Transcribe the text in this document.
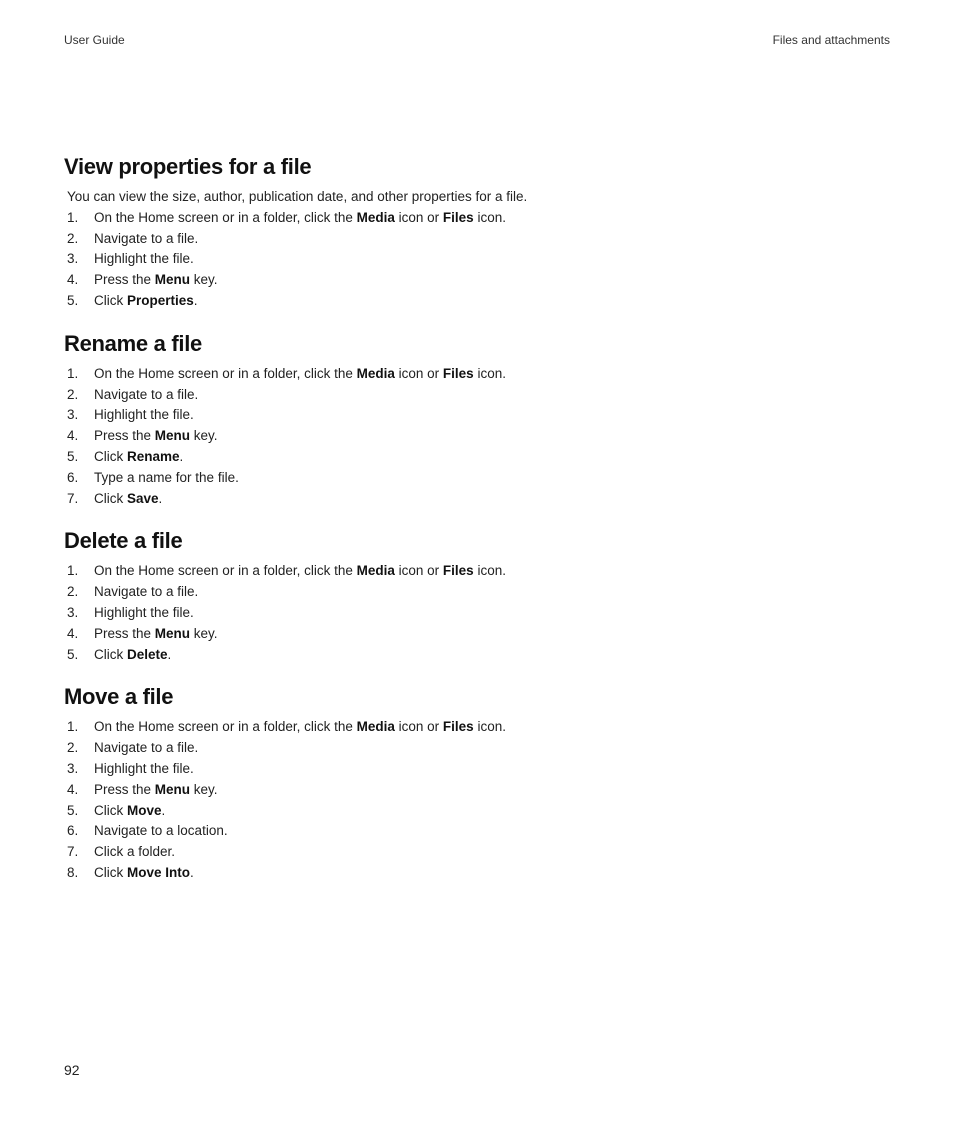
User Guide	Files and attachments
View properties for a file

You can view the size, author, publication date, and other properties for a file.

1. On the Home screen or in a folder, click the Media icon or Files icon.
2. Navigate to a file.
3. Highlight the file.
4. Press the Menu key.
5. Click Properties.
Rename a file
1. On the Home screen or in a folder, click the Media icon or Files icon.
2. Navigate to a file.
3. Highlight the file.
4. Press the Menu key.
5. Click Rename.
6. Type a name for the file.
7. Click Save.
Delete a file
1. On the Home screen or in a folder, click the Media icon or Files icon.
2. Navigate to a file.
3. Highlight the file.
4. Press the Menu key.
5. Click Delete.
Move a file
1. On the Home screen or in a folder, click the Media icon or Files icon.
2. Navigate to a file.
3. Highlight the file.
4. Press the Menu key.
5. Click Move.
6. Navigate to a location.
7. Click a folder.
8. Click Move Into.
92
